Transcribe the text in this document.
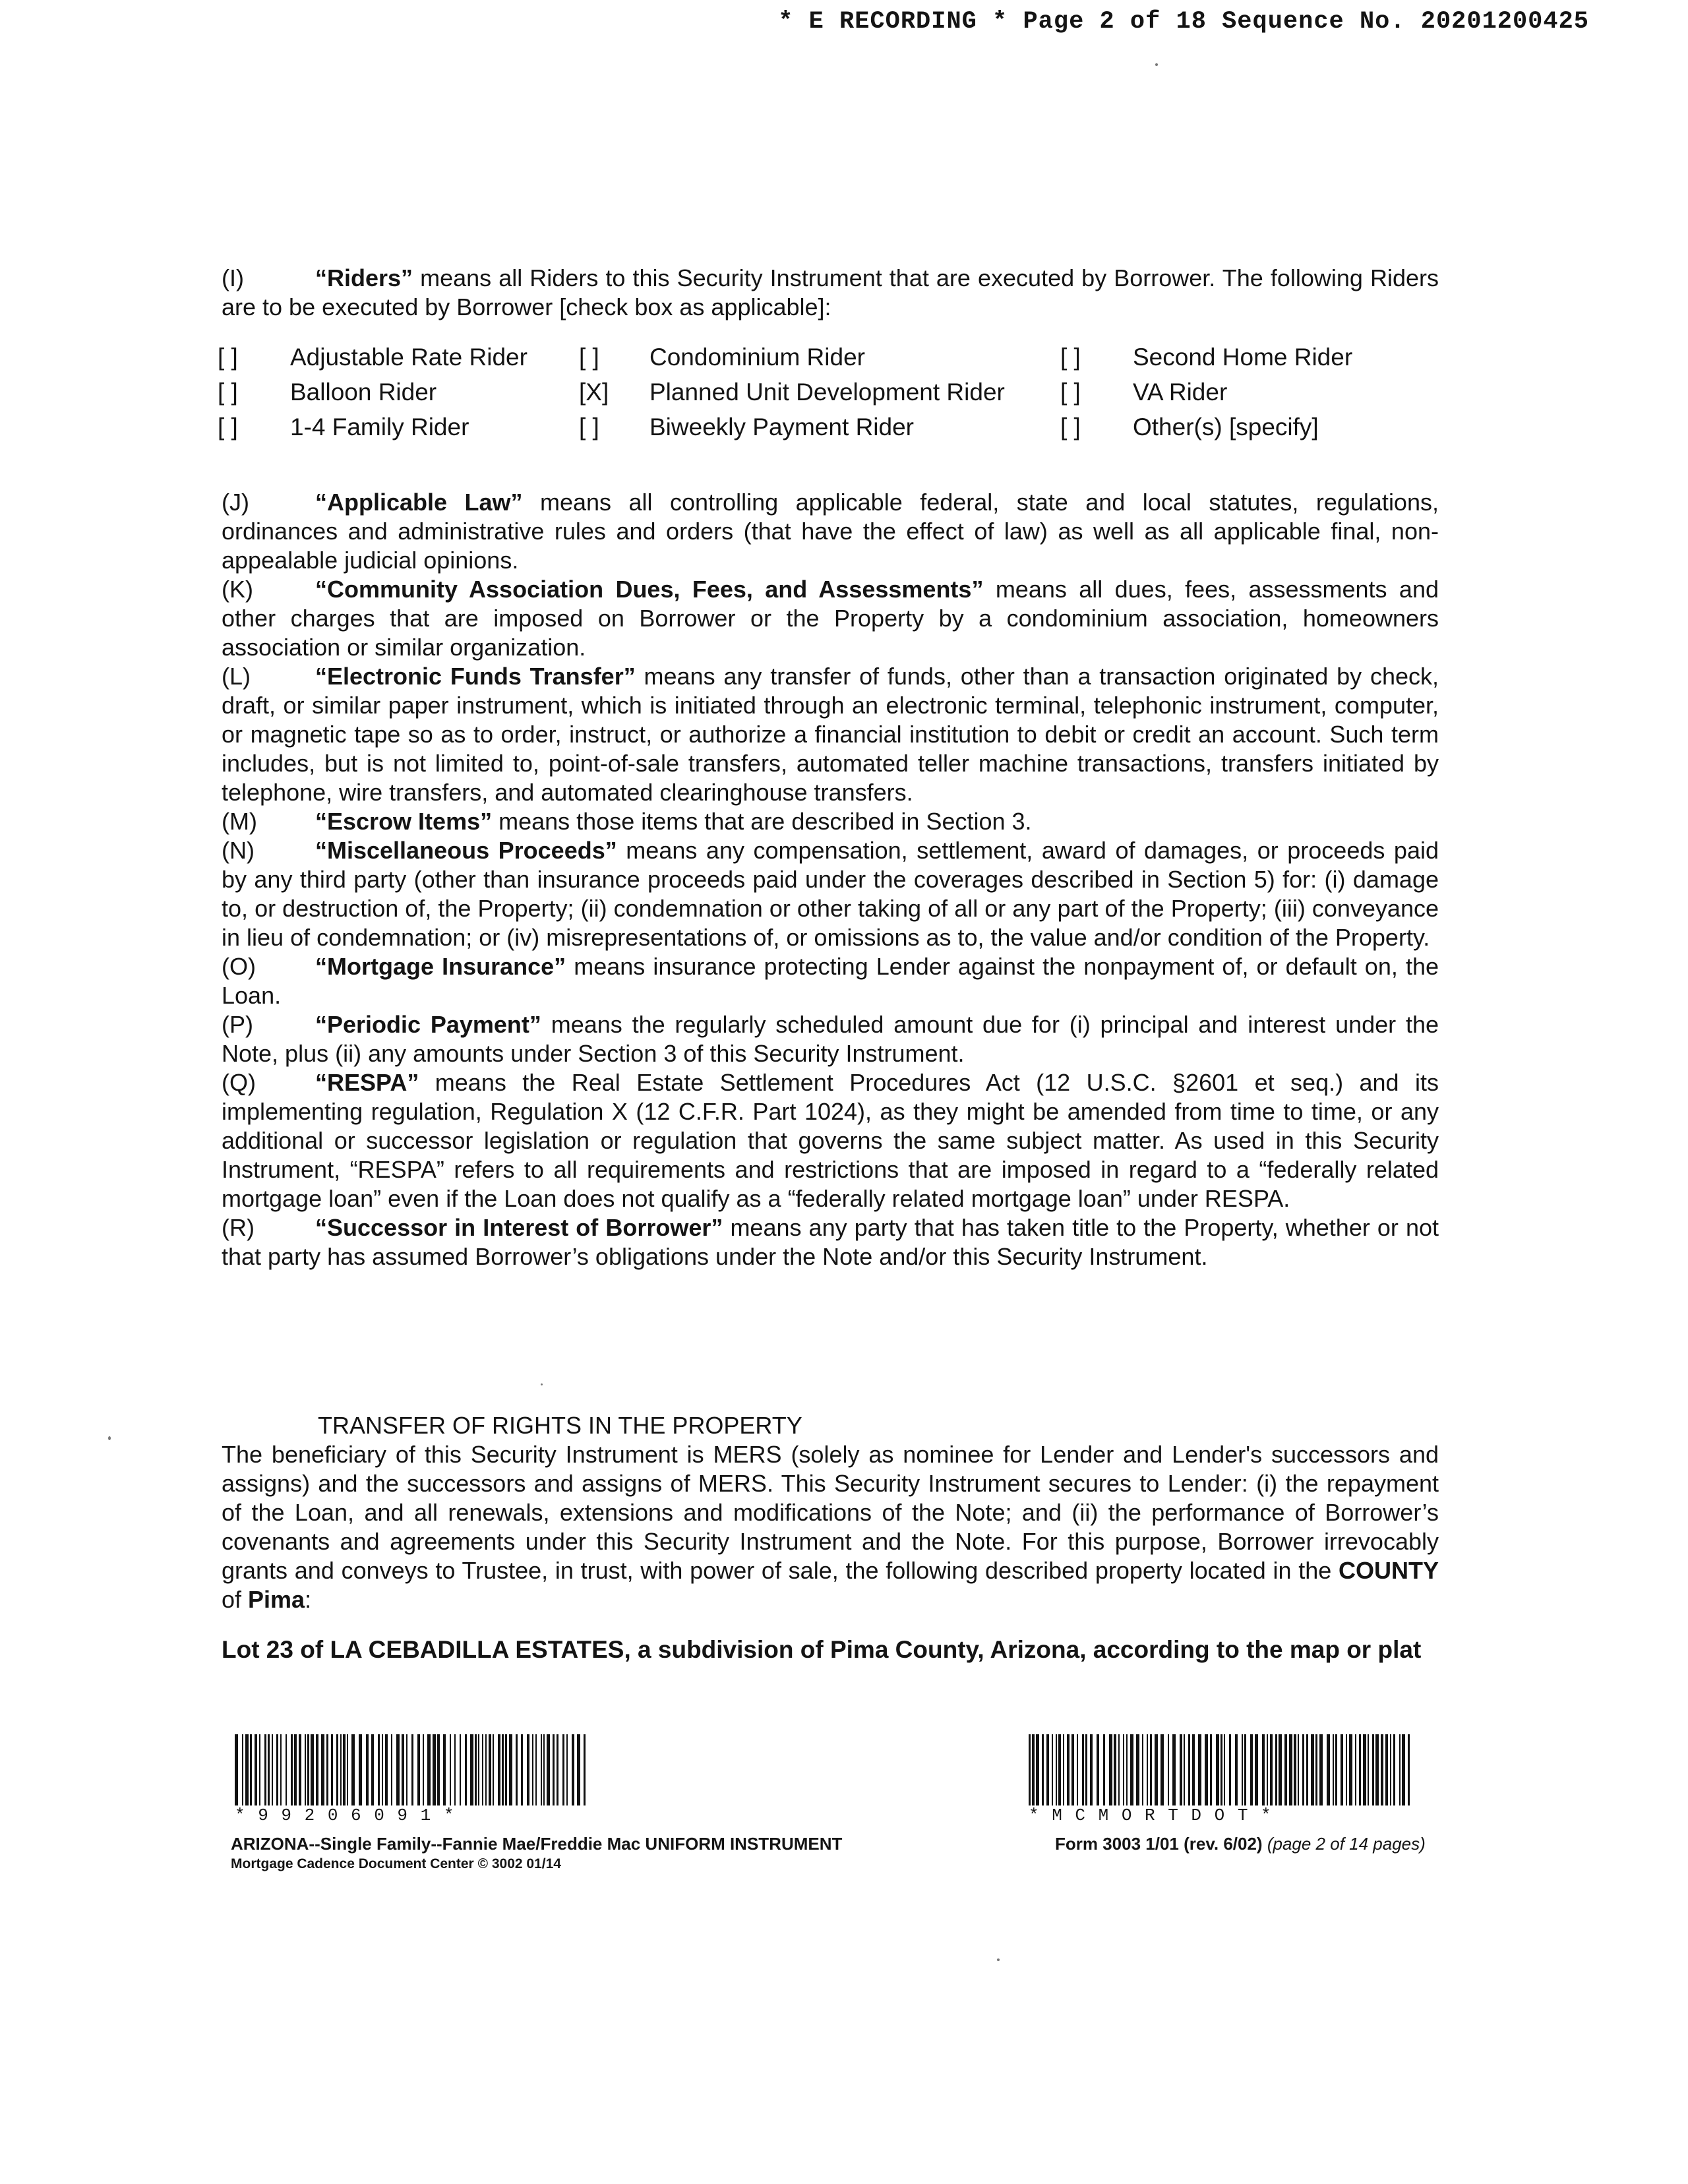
* E RECORDING * Page 2 of 18 Sequence No. 20201200425
(I)	“Riders” means all Riders to this Security Instrument that are executed by Borrower. The following Riders are to be executed by Borrower [check box as applicable]:
[ ] Adjustable Rate Rider [ ] Condominium Rider	[ ] Second Home Rider
[ ] Balloon Rider	[X] Planned Unit Development Rider [ ] VA Rider
[ ] 1-4 Family Rider	[ ] Biweekly Payment Rider	[ ] Other(s) [specify]
(J)	“Applicable Law” means all controlling applicable federal, state and local statutes, regulations, ordinances and administrative rules and orders (that have the effect of law) as well as all applicable final, non-appealable judicial opinions.
(K)	“Community Association Dues, Fees, and Assessments” means all dues, fees, assessments and other charges that are imposed on Borrower or the Property by a condominium association, homeowners association or similar organization.
(L)	“Electronic Funds Transfer” means any transfer of funds, other than a transaction originated by check, draft, or similar paper instrument, which is initiated through an electronic terminal, telephonic instrument, computer, or magnetic tape so as to order, instruct, or authorize a financial institution to debit or credit an account. Such term includes, but is not limited to, point-of-sale transfers, automated teller machine transactions, transfers initiated by telephone, wire transfers, and automated clearinghouse transfers.
(M) “Escrow Items” means those items that are described in Section 3.
(N)	“Miscellaneous Proceeds” means any compensation, settlement, award of damages, or proceeds paid by any third party (other than insurance proceeds paid under the coverages described in Section 5) for: (i) damage to, or destruction of, the Property; (ii) condemnation or other taking of all or any part of the Property; (iii) conveyance in lieu of condemnation; or (iv) misrepresentations of, or omissions as to, the value and/or condition of the Property.
(O)	“Mortgage Insurance” means insurance protecting Lender against the nonpayment of, or default on, the Loan.
(P)	“Periodic Payment” means the regularly scheduled amount due for (i) principal and interest under the Note, plus (ii) any amounts under Section 3 of this Security Instrument.
(Q)	“RESPA” means the Real Estate Settlement Procedures Act (12 U.S.C. §2601 et seq.) and its implementing regulation, Regulation X (12 C.F.R. Part 1024), as they might be amended from time to time, or any additional or successor legislation or regulation that governs the same subject matter. As used in this Security Instrument, “RESPA” refers to all requirements and restrictions that are imposed in regard to a “federally related mortgage loan” even if the Loan does not qualify as a “federally related mortgage loan” under RESPA.
(R)	“Successor in Interest of Borrower” means any party that has taken title to the Property, whether or not that party has assumed Borrower’s obligations under the Note and/or this Security Instrument.
TRANSFER OF RIGHTS IN THE PROPERTY
The beneficiary of this Security Instrument is MERS (solely as nominee for Lender and Lender's successors and assigns) and the successors and assigns of MERS. This Security Instrument secures to Lender: (i) the repayment of the Loan, and all renewals, extensions and modifications of the Note; and (ii) the performance of Borrower’s covenants and agreements under this Security Instrument and the Note. For this purpose, Borrower irrevocably grants and conveys to Trustee, in trust, with power of sale, the following described property located in the COUNTY of Pima:
Lot 23 of LA CEBADILLA ESTATES, a subdivision of Pima County, Arizona, according to the map or plat
* 9 9 2 0 6 0 9 1 *	* M C M O R T D O T *
ARIZONA--Single Family--Fannie Mae/Freddie Mac UNIFORM INSTRUMENT
Mortgage Cadence Document Center © 3002 01/14
Form 3003 1/01 (rev. 6/02) (page 2 of 14 pages)
